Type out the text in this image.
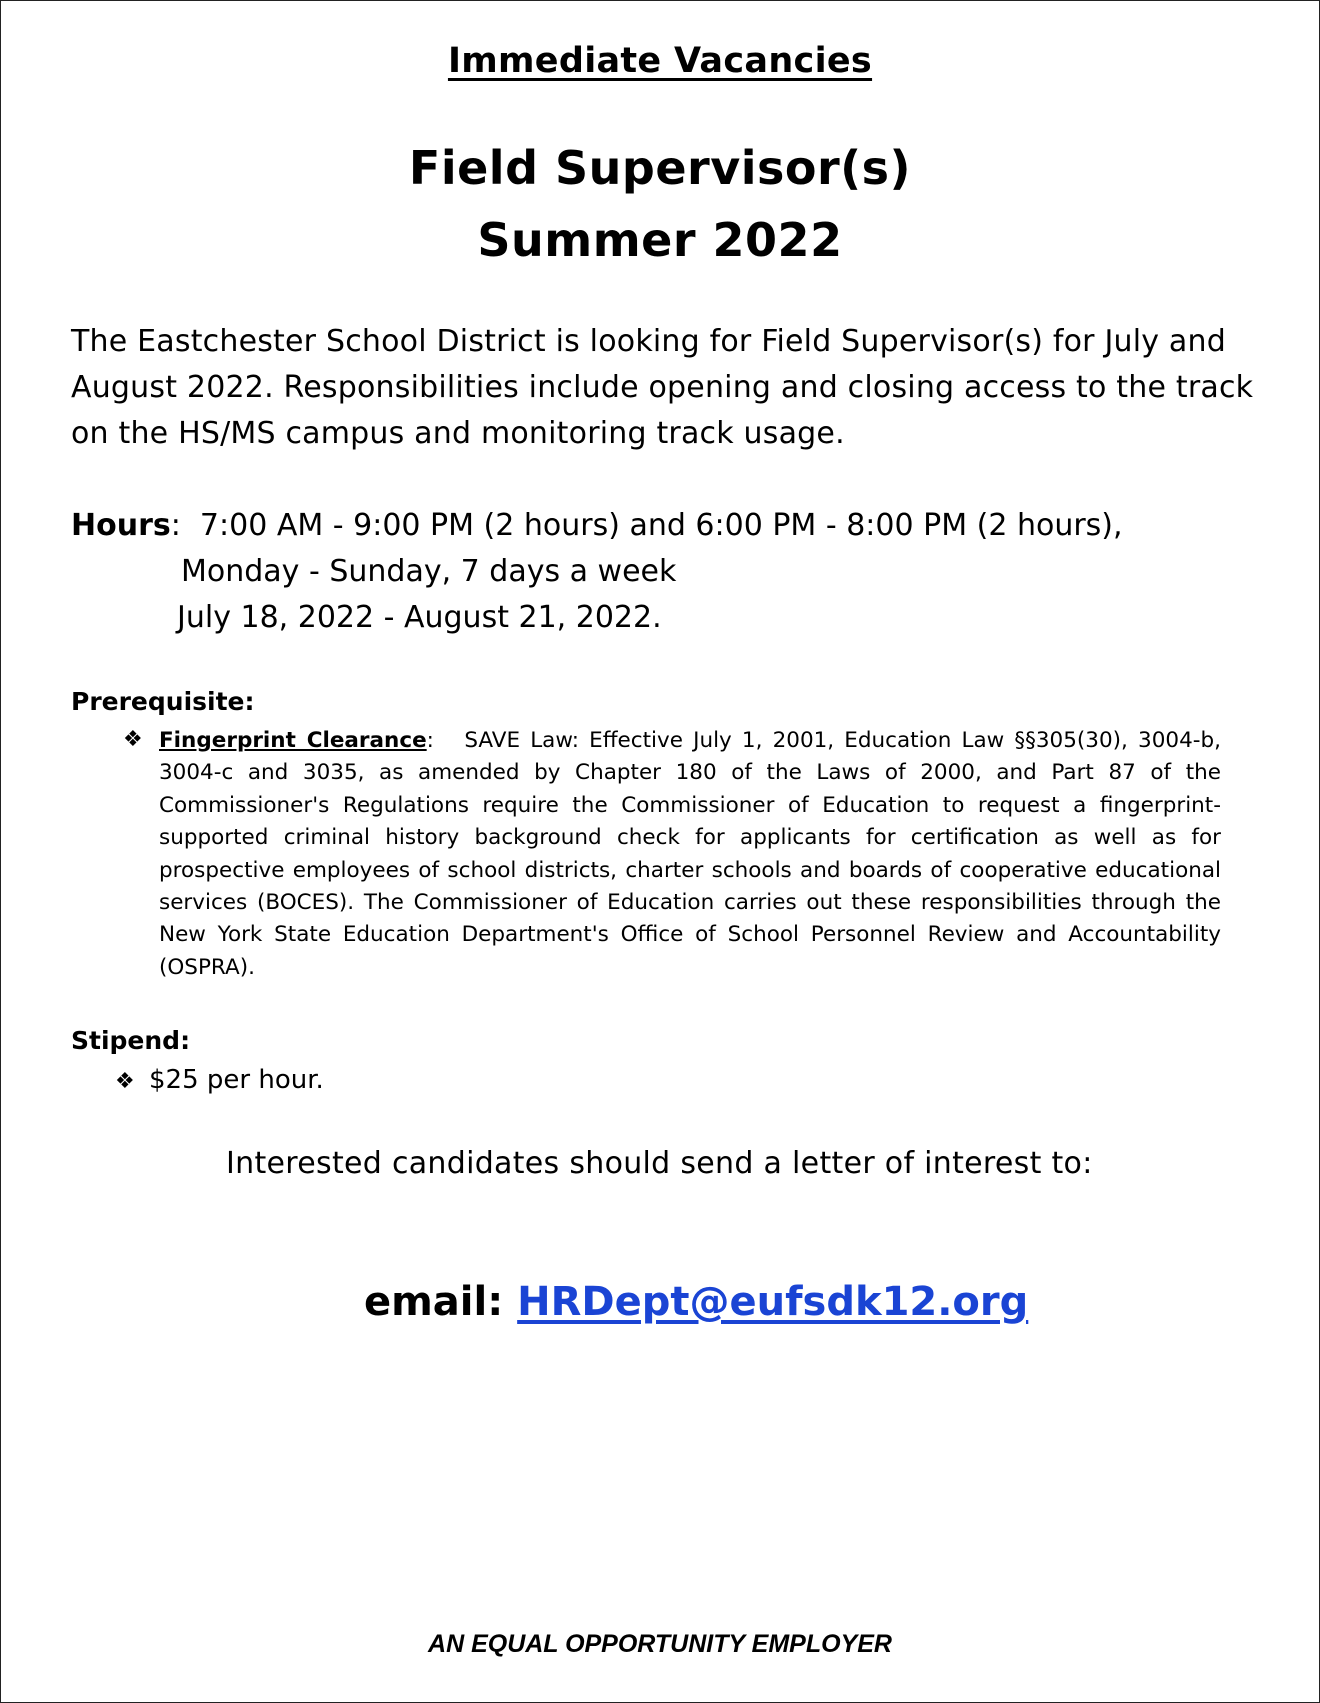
Immediate Vacancies
Field Supervisor(s)
Summer 2022
The Eastchester School District is looking for Field Supervisor(s) for July and
August 2022. Responsibilities include opening and closing access to the track
on the HS/MS campus and monitoring track usage.
Hours:  7:00 AM - 9:00 PM (2 hours) and 6:00 PM - 8:00 PM (2 hours),
Monday - Sunday, 7 days a week
July 18, 2022 - August 21, 2022.
Prerequisite:
❖ Fingerprint Clearance:   SAVE Law: Effective July 1, 2001, Education Law §§305(30), 3004-b, 3004-c and 3035, as amended by Chapter 180 of the Laws of 2000, and Part 87 of the Commissioner's Regulations require the Commissioner of Education to request a fingerprint-supported criminal history background check for applicants for certification as well as for prospective employees of school districts, charter schools and boards of cooperative educational services (BOCES). The Commissioner of Education carries out these responsibilities through the New York State Education Department's Office of School Personnel Review and Accountability (OSPRA).
Stipend:
❖ $25 per hour.
Interested candidates should send a letter of interest to:
email: HRDept@eufsdk12.org
AN EQUAL OPPORTUNITY EMPLOYER
